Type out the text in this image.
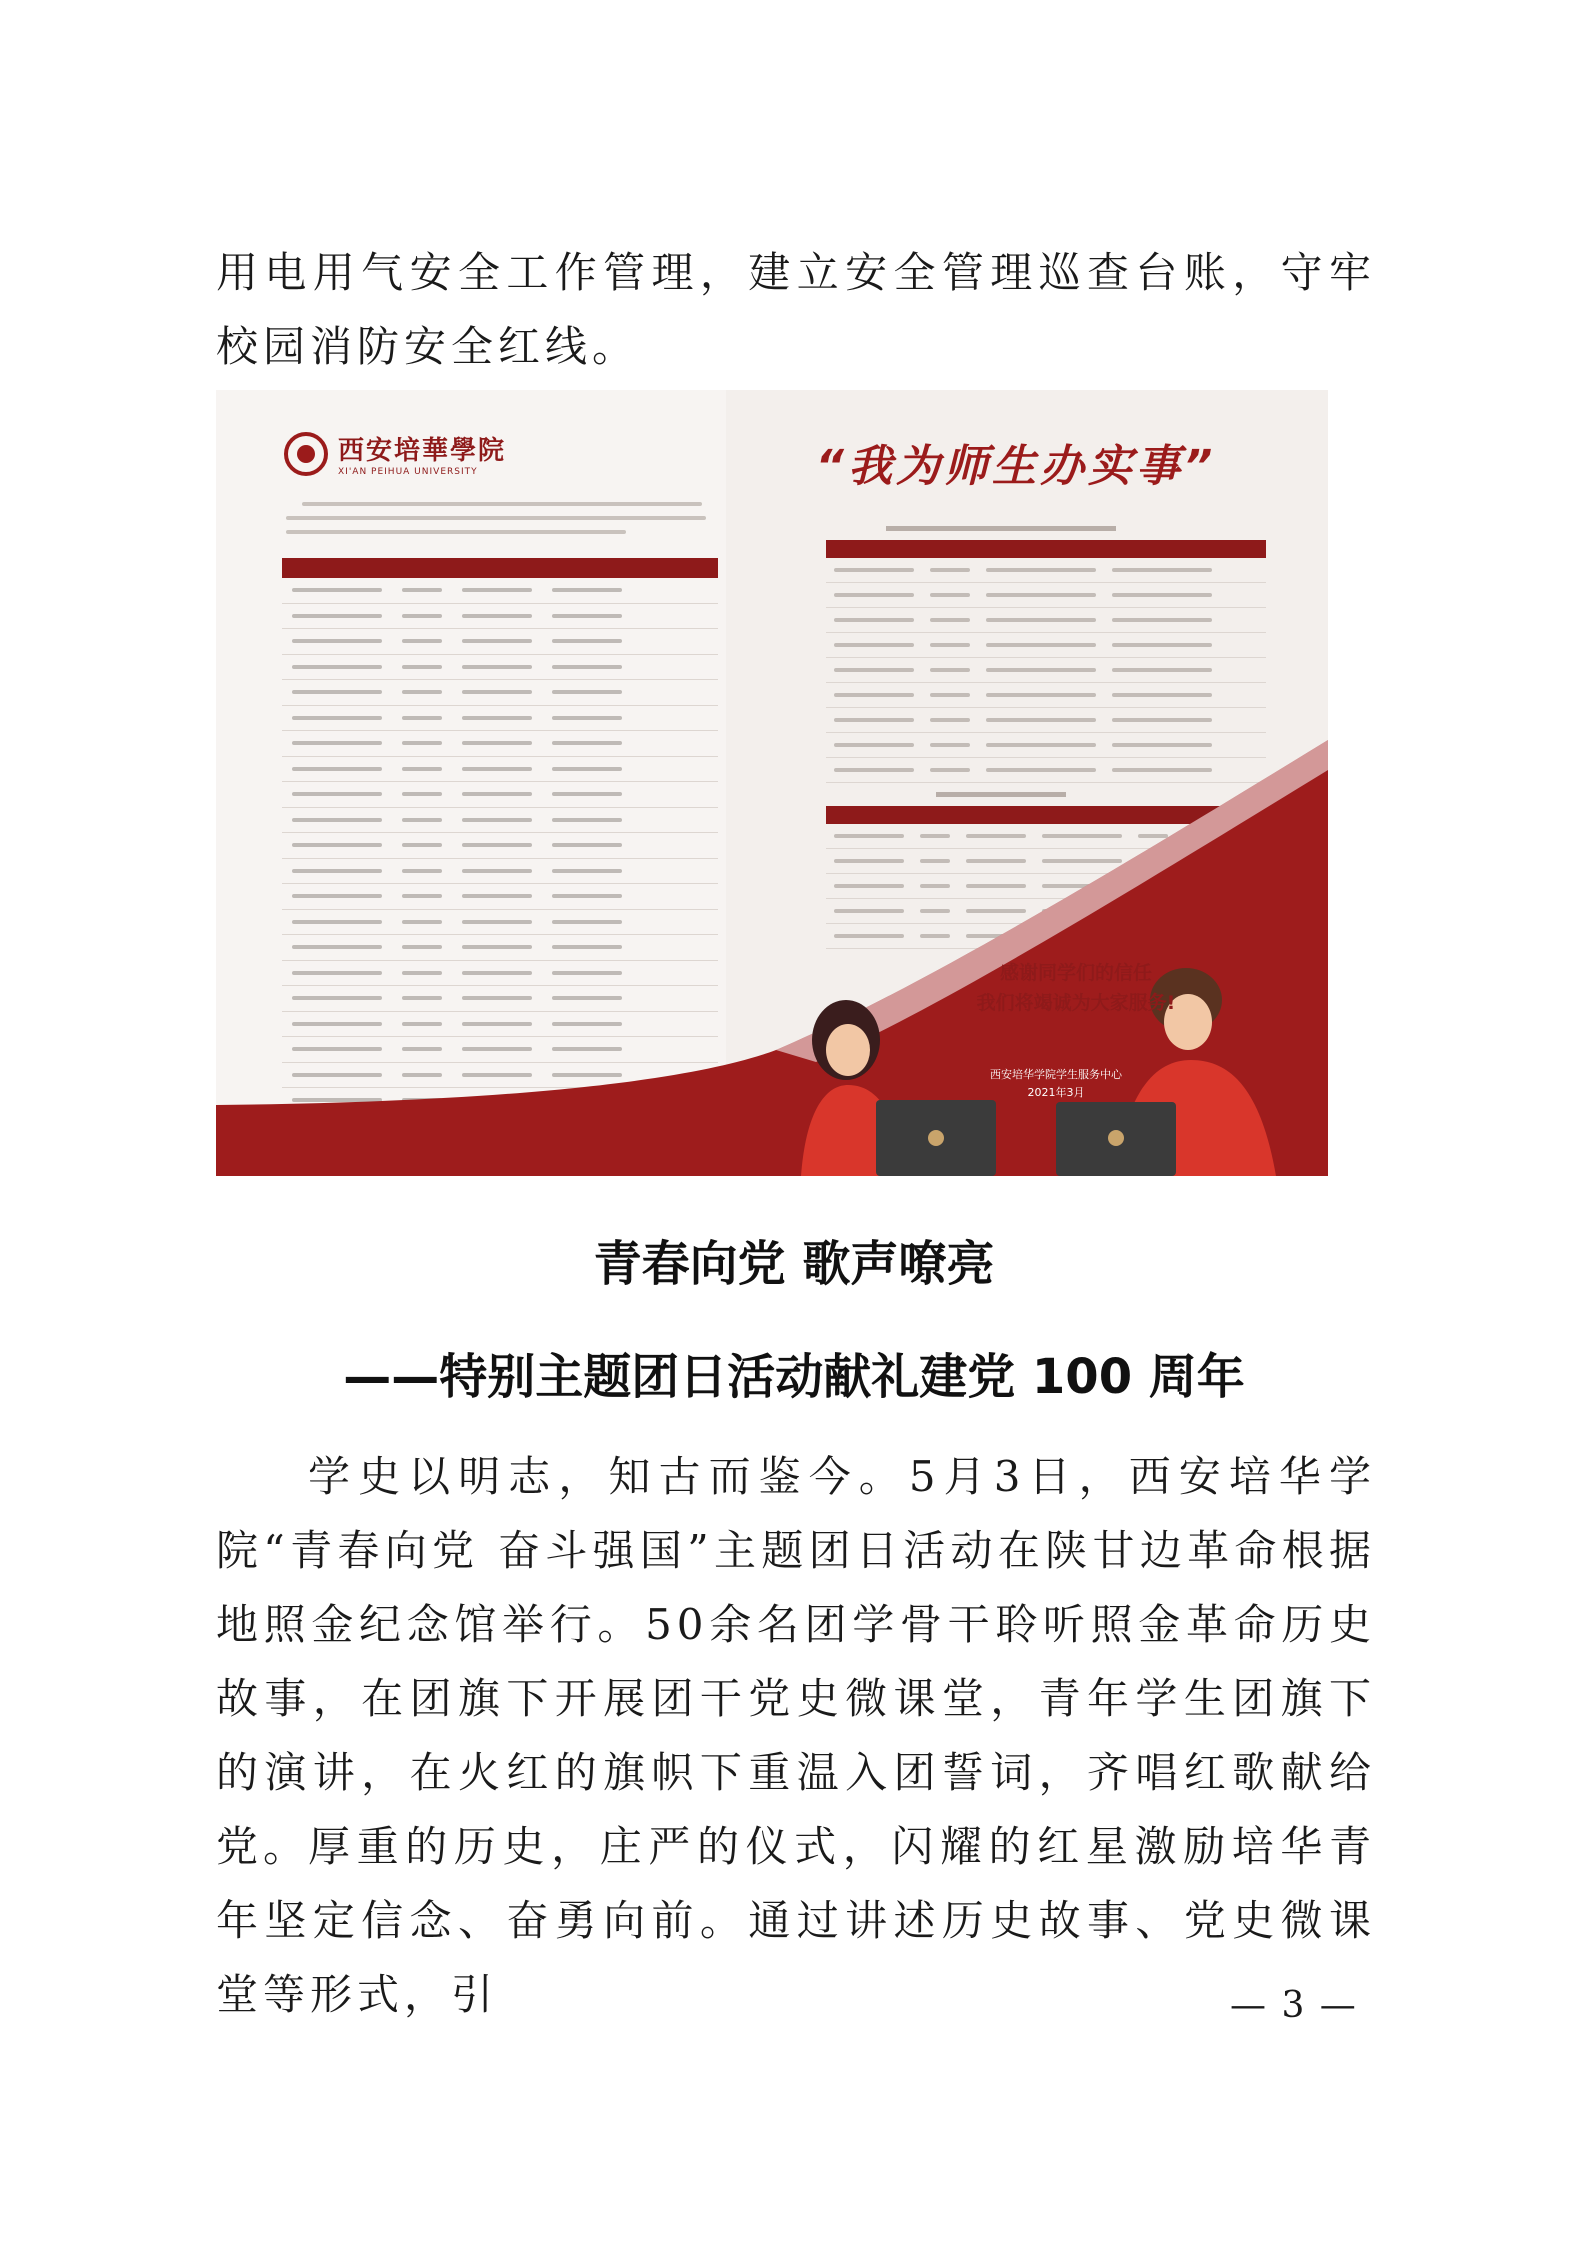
用电用气安全工作管理，建立安全管理巡查台账，守牢校园消防安全红线。

西安培華學院
XI'AN PEIHUA UNIVERSITY	“我为师生办实事”
感谢同学们的信任
我们将竭诚为大家服务!
西安培华学院学生服务中心
2021年3月
青春向党 歌声嘹亮
——特别主题团日活动献礼建党 100 周年

学史以明志，知古而鉴今。5月3日，西安培华学院“青春向党 奋斗强国”主题团日活动在陕甘边革命根据地照金纪念馆举行。50余名团学骨干聆听照金革命历史故事，在团旗下开展团干党史微课堂，青年学生团旗下的演讲，在火红的旗帜下重温入团誓词，齐唱红歌献给党。

厚重的历史，庄严的仪式，闪耀的红星激励培华青年坚定信念、奋勇向前。通过讲述历史故事、党史微课堂等形式，引	— 3 —
